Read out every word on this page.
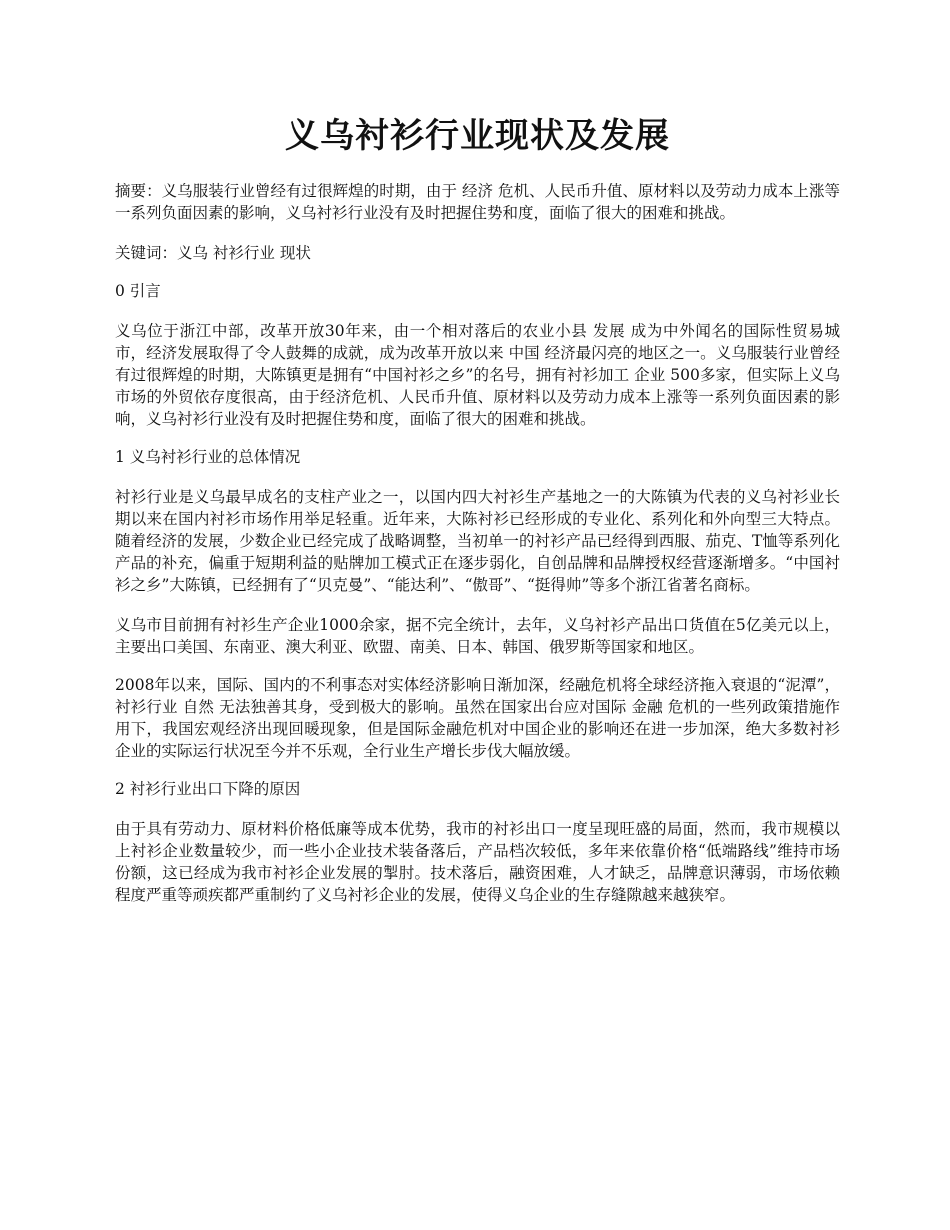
义乌衬衫行业现状及发展

摘要：义乌服装行业曾经有过很辉煌的时期，由于 经济 危机、人民币升值、原材料以及劳动力成本上涨等一系列负面因素的影响，义乌衬衫行业没有及时把握住势和度，面临了很大的困难和挑战。

关键词：义乌 衬衫行业 现状

0 引言

义乌位于浙江中部，改革开放30年来，由一个相对落后的农业小县 发展 成为中外闻名的国际性贸易城市，经济发展取得了令人鼓舞的成就，成为改革开放以来 中国 经济最闪亮的地区之一。义乌服装行业曾经有过很辉煌的时期，大陈镇更是拥有“中国衬衫之乡”的名号，拥有衬衫加工 企业 500多家，但实际上义乌市场的外贸依存度很高，由于经济危机、人民币升值、原材料以及劳动力成本上涨等一系列负面因素的影响，义乌衬衫行业没有及时把握住势和度，面临了很大的困难和挑战。

1 义乌衬衫行业的总体情况

衬衫行业是义乌最早成名的支柱产业之一，以国内四大衬衫生产基地之一的大陈镇为代表的义乌衬衫业长期以来在国内衬衫市场作用举足轻重。近年来，大陈衬衫已经形成的专业化、系列化和外向型三大特点。随着经济的发展，少数企业已经完成了战略调整，当初单一的衬衫产品已经得到西服、茄克、T恤等系列化产品的补充，偏重于短期利益的贴牌加工模式正在逐步弱化，自创品牌和品牌授权经营逐渐增多。“中国衬衫之乡”大陈镇，已经拥有了“贝克曼”、“能达利”、“傲哥”、“挺得帅”等多个浙江省著名商标。

义乌市目前拥有衬衫生产企业1000余家，据不完全统计，去年，义乌衬衫产品出口货值在5亿美元以上，主要出口美国、东南亚、澳大利亚、欧盟、南美、日本、韩国、俄罗斯等国家和地区。

2008年以来，国际、国内的不利事态对实体经济影响日渐加深，经融危机将全球经济拖入衰退的“泥潭”，衬衫行业 自然 无法独善其身，受到极大的影响。虽然在国家出台应对国际 金融 危机的一些列政策措施作用下，我国宏观经济出现回暖现象，但是国际金融危机对中国企业的影响还在进一步加深，绝大多数衬衫企业的实际运行状况至今并不乐观，全行业生产增长步伐大幅放缓。

2 衬衫行业出口下降的原因

由于具有劳动力、原材料价格低廉等成本优势，我市的衬衫出口一度呈现旺盛的局面，然而，我市规模以上衬衫企业数量较少，而一些小企业技术装备落后，产品档次较低，多年来依靠价格“低端路线”维持市场份额，这已经成为我市衬衫企业发展的掣肘。技术落后，融资困难，人才缺乏，品牌意识薄弱，市场依赖程度严重等顽疾都严重制约了义乌衬衫企业的发展，使得义乌企业的生存缝隙越来越狭窄。
